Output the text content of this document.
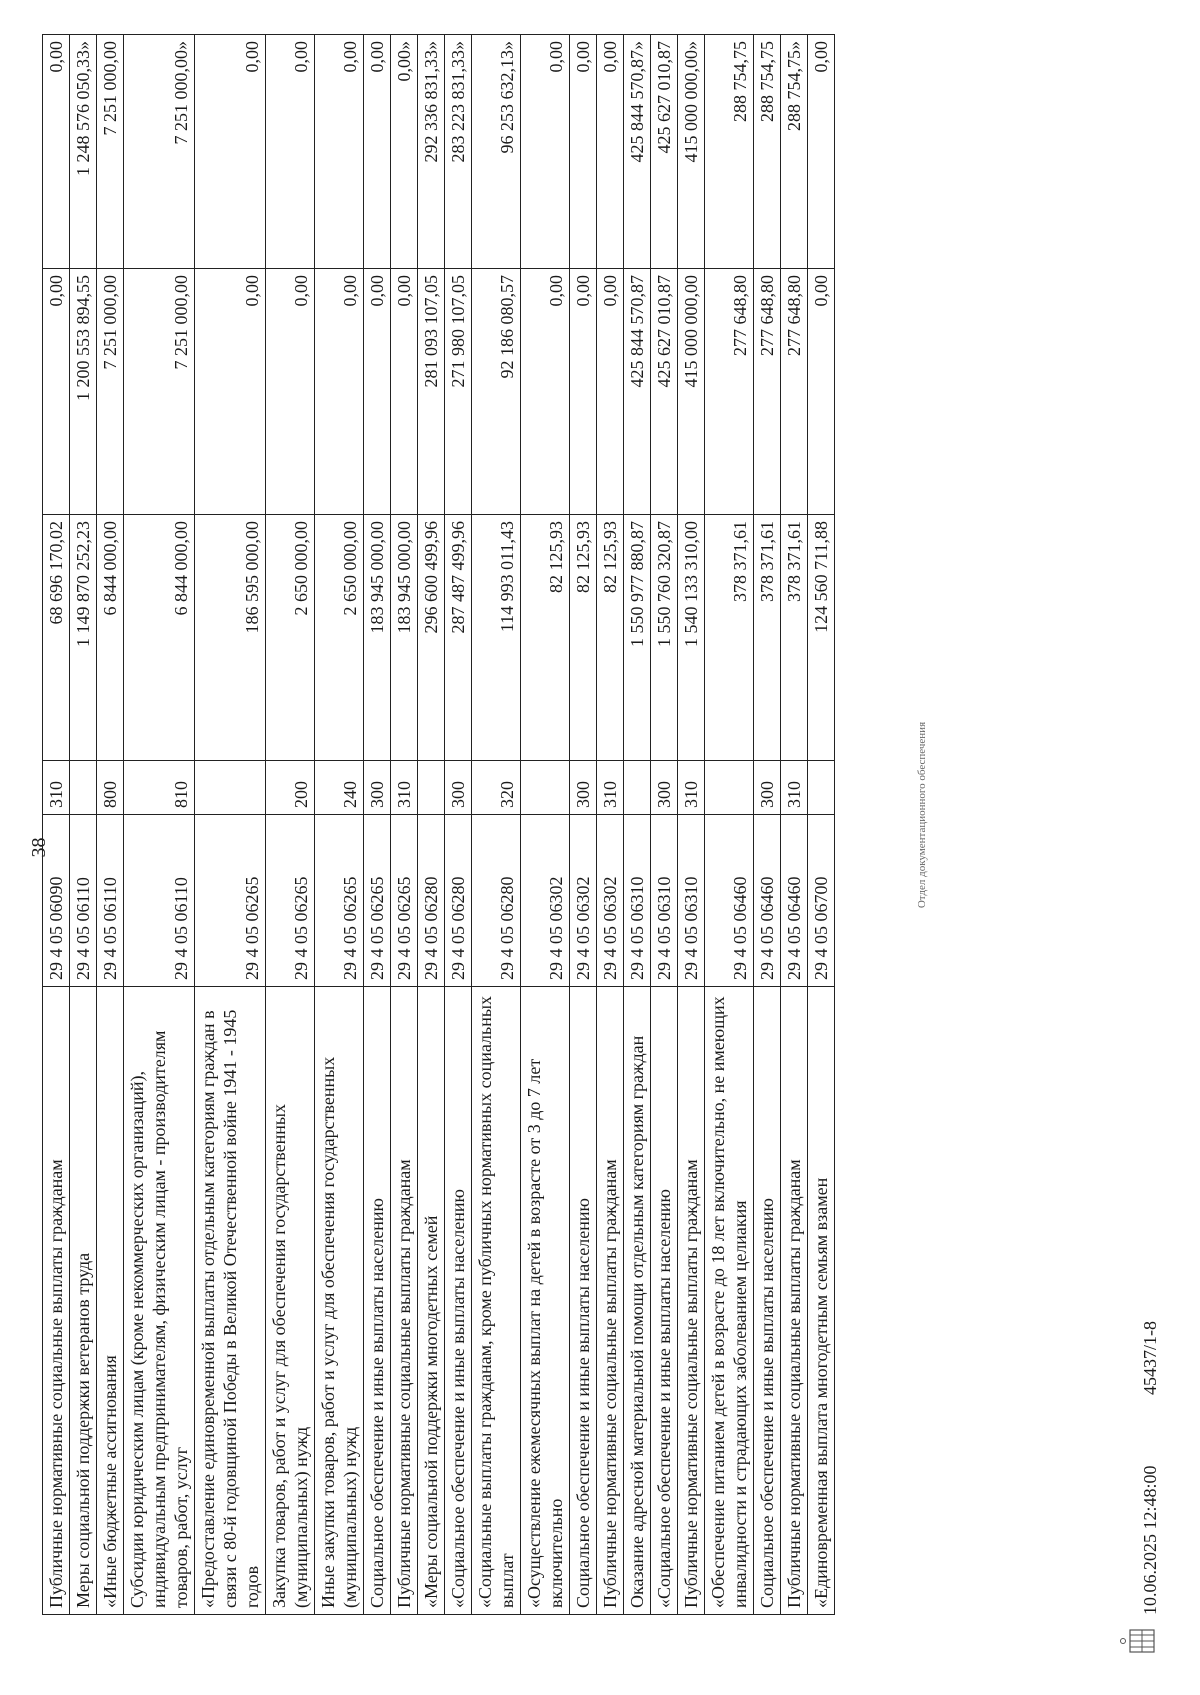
38
Публичные нормативные социальные выплаты гражданам	29 4 05 06090	310	68 696 170,02	0,00	0,00
Меры социальной поддержки ветеранов труда	29 4 05 06110		1 149 870 252,23	1 200 553 894,55	1 248 576 050,33»
«Иные бюджетные ассигнования	29 4 05 06110	800	6 844 000,00	7 251 000,00	7 251 000,00
Субсидии юридическим лицам (кроме некоммерческих организаций), индивидуальным предпринимателям, физическим лицам - производителям товаров, работ, услуг	29 4 05 06110	810	6 844 000,00	7 251 000,00	7 251 000,00»
«Предоставление единовременной выплаты отдельным категориям граждан в связи с 80-й годовщиной Победы в Великой Отечественной войне 1941 - 1945 годов	29 4 05 06265		186 595 000,00	0,00	0,00
Закупка товаров, работ и услуг для обеспечения государственных (муниципальных) нужд	29 4 05 06265	200	2 650 000,00	0,00	0,00
Иные закупки товаров, работ и услуг для обеспечения государственных (муниципальных) нужд	29 4 05 06265	240	2 650 000,00	0,00	0,00
Социальное обеспечение и иные выплаты населению	29 4 05 06265	300	183 945 000,00	0,00	0,00
Публичные нормативные социальные выплаты гражданам	29 4 05 06265	310	183 945 000,00	0,00	0,00»
«Меры социальной поддержки многодетных семей	29 4 05 06280		296 600 499,96	281 093 107,05	292 336 831,33»
«Социальное обеспечение и иные выплаты населению	29 4 05 06280	300	287 487 499,96	271 980 107,05	283 223 831,33»
«Социальные выплаты гражданам, кроме публичных нормативных социальных выплат	29 4 05 06280	320	114 993 011,43	92 186 080,57	96 253 632,13»
«Осуществление ежемесячных выплат на детей в возрасте от 3 до 7 лет включительно	29 4 05 06302		82 125,93	0,00	0,00
Социальное обеспечение и иные выплаты населению	29 4 05 06302	300	82 125,93	0,00	0,00
Публичные нормативные социальные выплаты гражданам	29 4 05 06302	310	82 125,93	0,00	0,00
Оказание адресной материальной помощи отдельным категориям граждан	29 4 05 06310		1 550 977 880,87	425 844 570,87	425 844 570,87»
«Социальное обеспечение и иные выплаты населению	29 4 05 06310	300	1 550 760 320,87	425 627 010,87	425 627 010,87
Публичные нормативные социальные выплаты гражданам	29 4 05 06310	310	1 540 133 310,00	415 000 000,00	415 000 000,00»
«Обеспечение питанием детей в возрасте до 18 лет включительно, не имеющих инвалидности и страдающих заболеванием целиакия	29 4 05 06460		378 371,61	277 648,80	288 754,75
Социальное обеспечение и иные выплаты населению	29 4 05 06460	300	378 371,61	277 648,80	288 754,75
Публичные нормативные социальные выплаты гражданам	29 4 05 06460	310	378 371,61	277 648,80	288 754,75»
«Единовременная выплата многодетным семьям взамен	29 4 05 06700		124 560 711,88	0,00	0,00
10.06.2025 12:48:00
45437/1-8
Отдел документационного обеспечения
